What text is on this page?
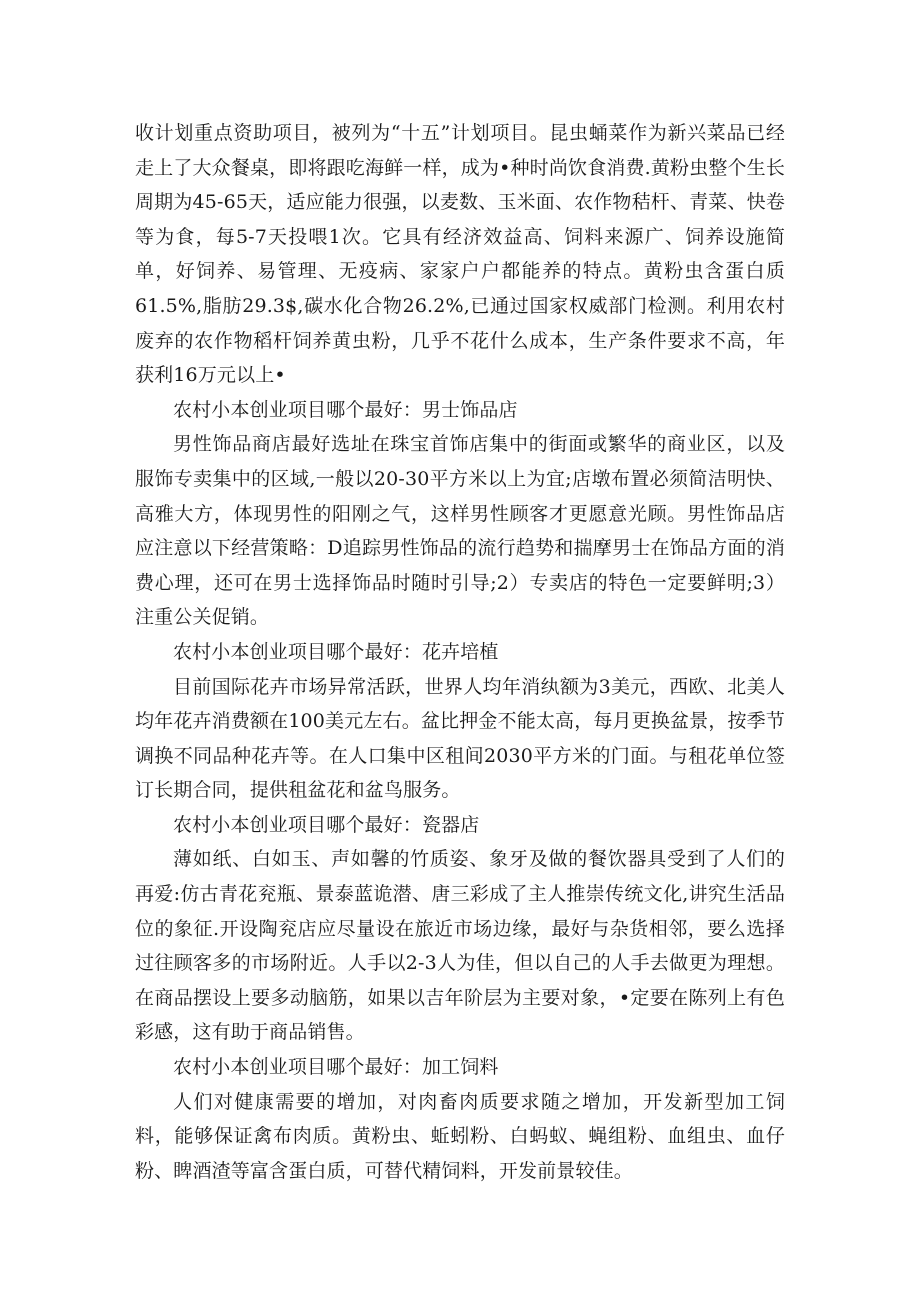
收计划重点资助项目，被列为“十五”计划项目。昆虫蛹菜作为新兴菜品已经走上了大众餐桌，即将跟吃海鲜一样，成为•种时尚饮食消费.黄粉虫整个生长周期为45-65天，适应能力很强，以麦数、玉米面、农作物秸杆、青菜、快卷等为食，每5-7天投喂1次。它具有经济效益高、饲料来源广、饲养设施简单，好饲养、易管理、无疫病、家家户户都能养的特点。黄粉虫含蛋白质61.5%,脂肪29.3$,碳水化合物26.2%,已通过国家权威部门检测。利用农村废弃的农作物稻杆饲养黄虫粉，几乎不花什么成本，生产条件要求不高，年获利16万元以上•

农村小本创业项目哪个最好：男士饰品店

男性饰品商店最好选址在珠宝首饰店集中的街面或繁华的商业区，以及服饰专卖集中的区域,一般以20-30平方米以上为宜;店墩布置必须简洁明快、高雅大方，体现男性的阳刚之气，这样男性顾客才更愿意光顾。男性饰品店应注意以下经营策略：D追踪男性饰品的流行趋势和揣摩男士在饰品方面的消费心理，还可在男士选择饰品时随时引导;2）专卖店的特色一定要鲜明;3）注重公关促销。

农村小本创业项目哪个最好：花卉培植

目前国际花卉市场异常活跃，世界人均年消纨额为3美元，西欧、北美人均年花卉消费额在100美元左右。盆比押金不能太高，每月更换盆景，按季节调换不同品种花卉等。在人口集中区租间2030平方米的门面。与租花单位签订长期合同，提供租盆花和盆鸟服务。

农村小本创业项目哪个最好：瓷器店

薄如纸、白如玉、声如馨的竹质姿、象牙及做的餐饮器具受到了人们的再爱:仿古青花兖瓶、景泰蓝诡潜、唐三彩成了主人推崇传统文化,讲究生活品位的象征.开设陶兖店应尽量设在旅近市场边缘，最好与杂货相邻，要么选择过往顾客多的市场附近。人手以2-3人为佳，但以自己的人手去做更为理想。在商品摆设上要多动脑筋，如果以吉年阶层为主要对象，•定要在陈列上有色彩感，这有助于商品销售。

农村小本创业项目哪个最好：加工饲料

人们对健康需要的增加，对肉畜肉质要求随之增加，开发新型加工饲料，能够保证禽布肉质。黄粉虫、蚯蚓粉、白蚂蚁、蝇组粉、血组虫、血仔粉、睥酒渣等富含蛋白质，可替代精饲料，开发前景较佳。
